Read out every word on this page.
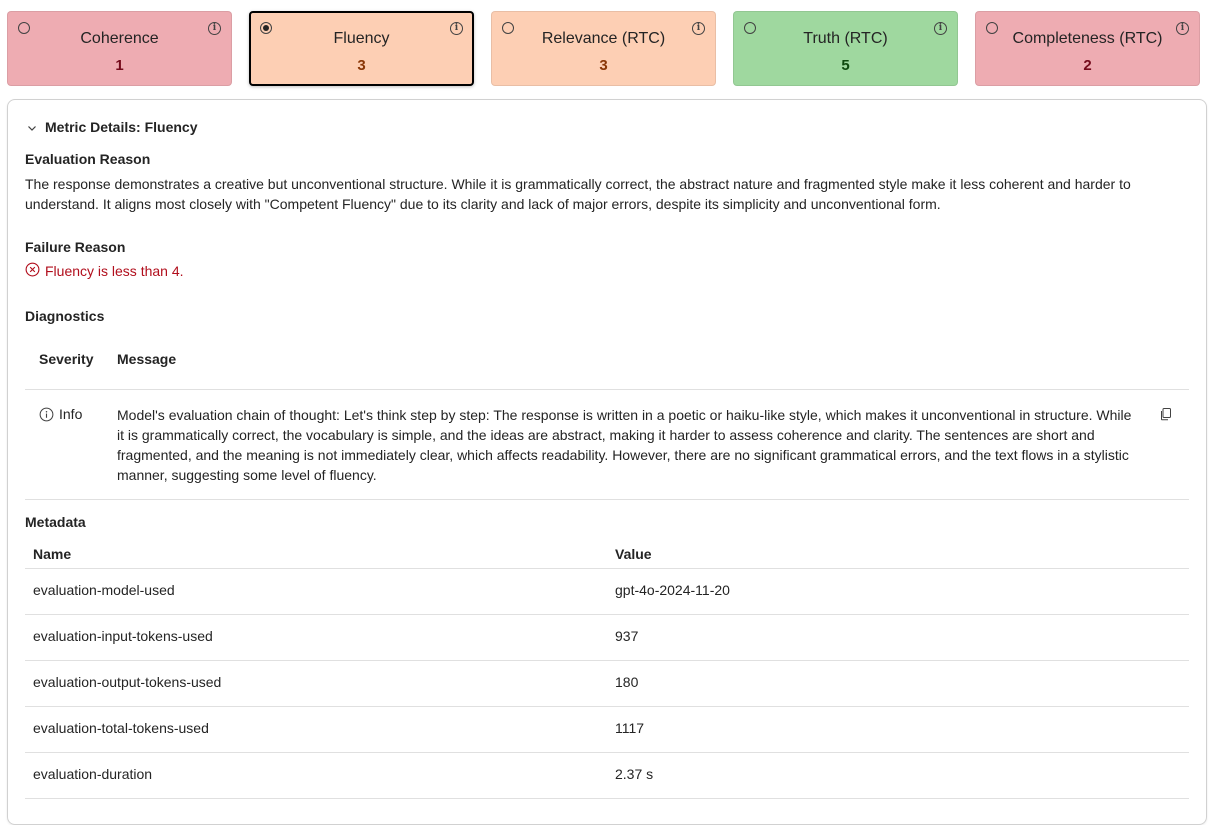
i
Coherence
1
i
Fluency
3
i
Relevance (RTC)
3
i
Truth (RTC)
5
i
Completeness (RTC)
2
Metric Details: Fluency
Evaluation Reason
The response demonstrates a creative but unconventional structure. While it is grammatically correct, the abstract nature and fragmented style make it less coherent and harder to understand. It aligns most closely with "Competent Fluency" due to its clarity and lack of major errors, despite its simplicity and unconventional form.
Failure Reason
Fluency is less than 4.
Diagnostics
Severity Message
Info Model's evaluation chain of thought: Let's think step by step: The response is written in a poetic or haiku-like style, which makes it unconventional in structure. While it is grammatically correct, the vocabulary is simple, and the ideas are abstract, making it harder to assess coherence and clarity. The sentences are short and fragmented, and the meaning is not immediately clear, which affects readability. However, there are no significant grammatical errors, and the text flows in a stylistic manner, suggesting some level of fluency.
Metadata
Name	Value
evaluation-model-used	gpt-4o-2024-11-20
evaluation-input-tokens-used	937
evaluation-output-tokens-used	180
evaluation-total-tokens-used	1117
evaluation-duration	2.37 s
